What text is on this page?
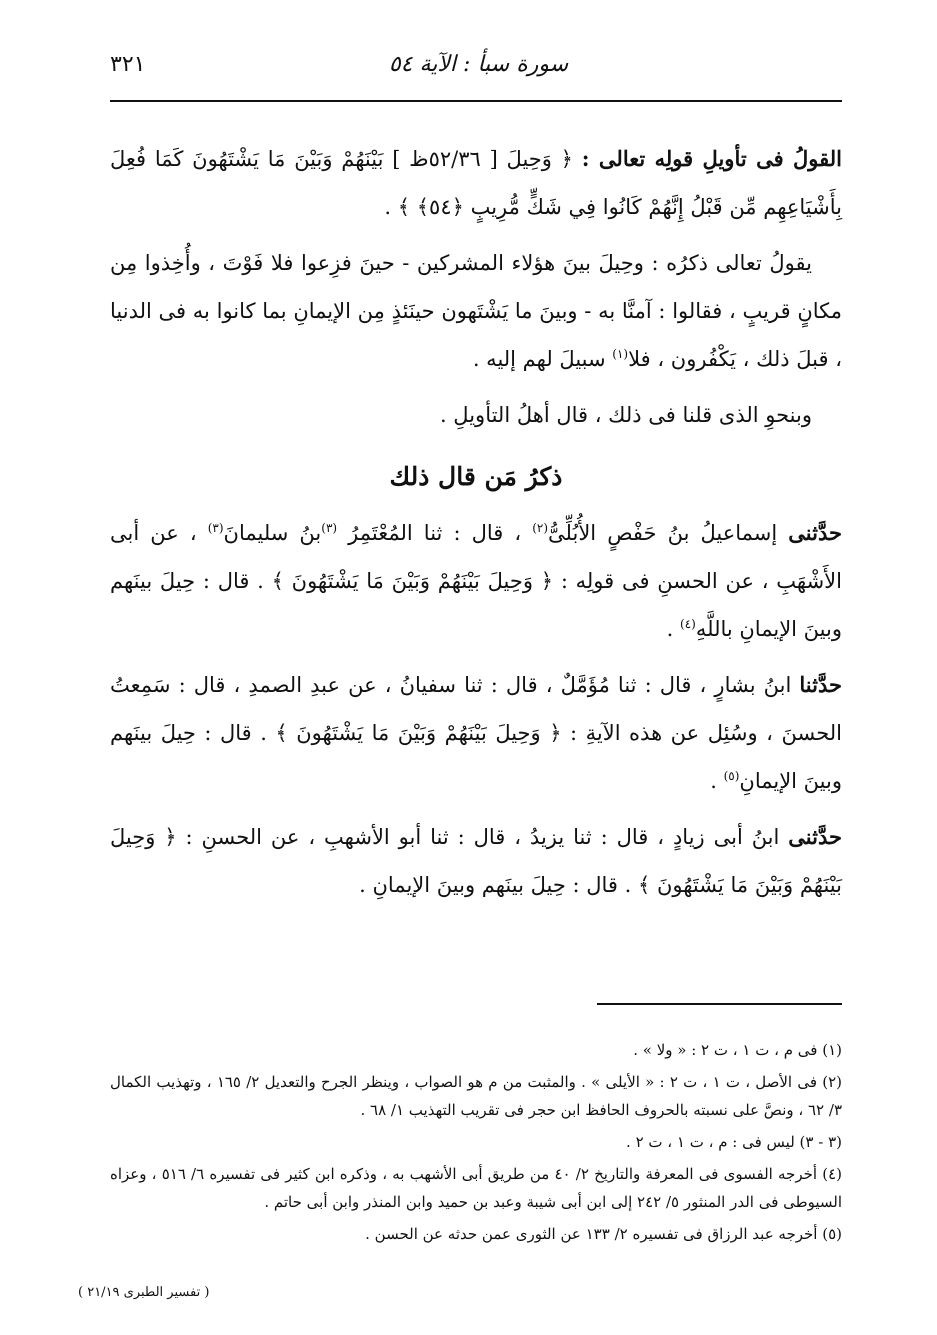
٣٢١	سورة سبأ : الآية ٥٤

القولُ فى تأويلِ قولِه تعالى : ﴿ وَحِيلَ [ ٥٢/٣٦ظ ] بَيْنَهُمْ وَبَيْنَ مَا يَشْتَهُونَ كَمَا فُعِلَ بِأَشْيَاعِهِم مِّن قَبْلُ إِنَّهُمْ كَانُوا فِي شَكٍّ مُّرِيبٍ ﴿٥٤﴾ ﴾ .

يقولُ تعالى ذكرُه : وحِيلَ بينَ هؤلاء المشركين - حينَ فزِعوا فلا فَوْتَ ، وأُخِذوا مِن مكانٍ قريبٍ ، فقالوا : آمنَّا به - وبينَ ما يَشْتَهون حينَئذٍ مِن الإيمانِ بما كانوا به فى الدنيا ، قبلَ ذلك ، يَكْفُرون ، فلا$^{(١)}$ سبيلَ لهم إليه .

وبنحوِ الذى قلنا فى ذلك ، قال أهلُ التأويلِ .

ذكرُ مَن قال ذلك

حدَّثنى إسماعيلُ بنُ حَفْصٍ الأُبُلِّىُّ$^{(٢)}$ ، قال : ثنا المُعْتَمِرُ $^{(٣)}$بنُ سليمانَ$^{(٣)}$ ، عن أبى الأَشْهَبِ ، عن الحسنِ فى قولِه : ﴿ وَحِيلَ بَيْنَهُمْ وَبَيْنَ مَا يَشْتَهُونَ ﴾ . قال : حِيلَ بينَهم وبينَ الإيمانِ باللَّهِ$^{(٤)}$ .

حدَّثنا ابنُ بشارٍ ، قال : ثنا مُؤَمَّلٌ ، قال : ثنا سفيانُ ، عن عبدِ الصمدِ ، قال : سَمِعتُ الحسنَ ، وسُئِل عن هذه الآيةِ : ﴿ وَحِيلَ بَيْنَهُمْ وَبَيْنَ مَا يَشْتَهُونَ ﴾ . قال : حِيلَ بينَهم وبينَ الإيمانِ$^{(٥)}$ .

حدَّثنى ابنُ أبى زيادٍ ، قال : ثنا يزيدُ ، قال : ثنا أبو الأشهبِ ، عن الحسنِ : ﴿ وَحِيلَ بَيْنَهُمْ وَبَيْنَ مَا يَشْتَهُونَ ﴾ . قال : حِيلَ بينَهم وبينَ الإيمانِ .

(١) فى م ، ت ١ ، ت ٢ : « ولا » .

(٢) فى الأصل ، ت ١ ، ت ٢ : « الأيلى » . والمثبت من م هو الصواب ، وينظر الجرح والتعديل ٢/ ١٦٥ ، وتهذيب الكمال ٣/ ٦٢ ، ونصَّ على نسبته بالحروف الحافظ ابن حجر فى تقريب التهذيب ١/ ٦٨ .

(٣ - ٣) ليس فى : م ، ت ١ ، ت ٢ .

(٤) أخرجه الفسوى فى المعرفة والتاريخ ٢/ ٤٠ من طريق أبى الأشهب به ، وذكره ابن كثير فى تفسيره ٦/ ٥١٦ ، وعزاه السيوطى فى الدر المنثور ٥/ ٢٤٢ إلى ابن أبى شيبة وعبد بن حميد وابن المنذر وابن أبى حاتم .

(٥) أخرجه عبد الرزاق فى تفسيره ٢/ ١٣٣ عن الثورى عمن حدثه عن الحسن .

( تفسير الطبرى ٢١/١٩ )
